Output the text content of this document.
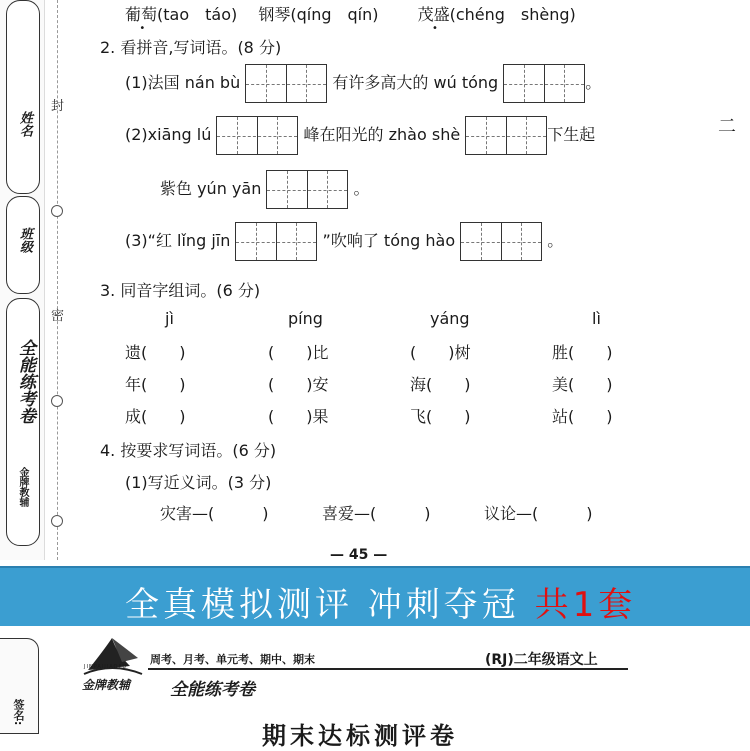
姓名
班级
全能练考卷
金牌教辅
封
密
葡萄(tao　táo) 钢琴(qíng　qín) 茂盛(chéng　shèng)
2. 看拼音,写词语。(8 分)
(1)法国 nán bù	有许多高大的 wú tóng	。
(2)xiāng lú	峰在阳光的 zhào shè	下生起
紫色 yún yān	。
(3)“红 lǐng jīn	”吹响了 tóng hào	。
3. 同音字组词。(6 分)
jì	píng	yáng	lì
遗(　　)	(　　)比	(　　)树	胜(　　)
年(　　)	(　　)安	海(　　)	美(　　)
成(　　)	(　　)果	飞(　　)	站(　　)
4. 按要求写词语。(6 分)
(1)写近义词。(3 分)
灾害—(　　　)	喜爱—(　　　)	议论—(　　　)
— 45 —
二
全真模拟测评 冲刺夺冠 共1套
签名:
JINPAIJIAOFU
金牌教辅
周考、月考、单元考、期中、期末	(RJ)二年级语文上
全能练考卷
期末达标测评卷
